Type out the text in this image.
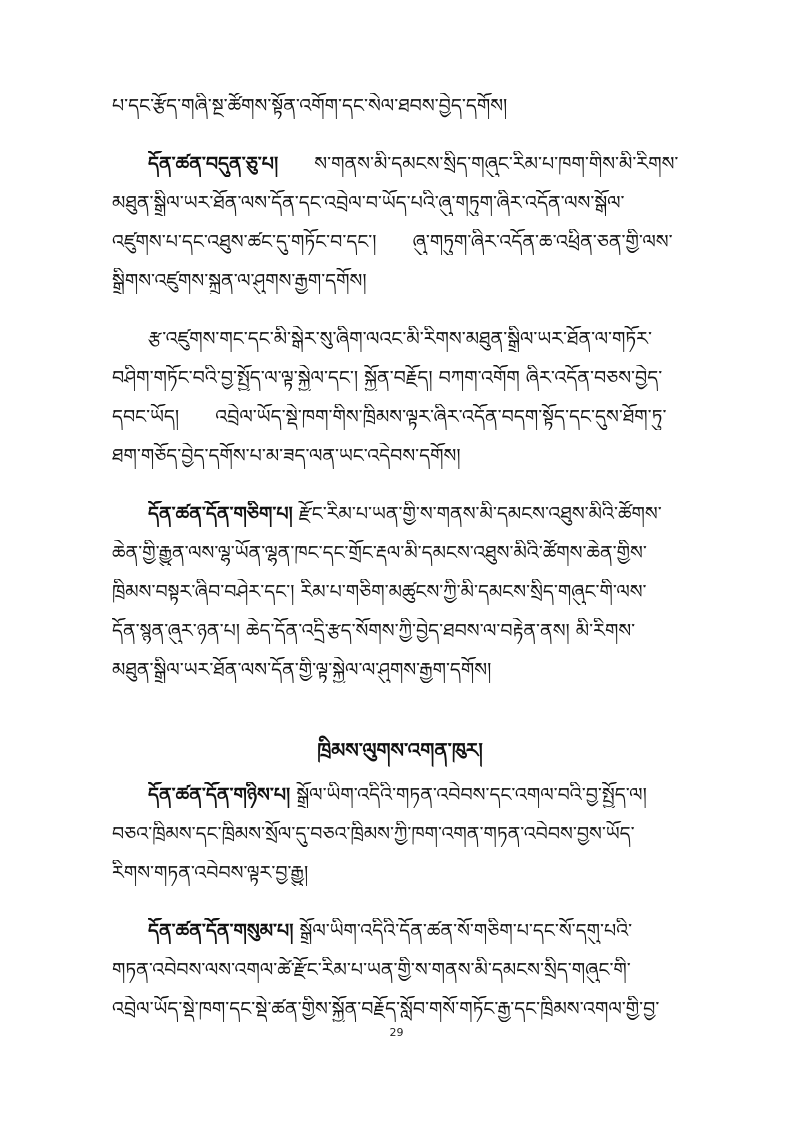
པ་དང་རྩོད་གཞི་སྔ་ཚོགས་སྟོན་འགོག་དང་སེལ་ཐབས་བྱེད་དགོས།
དོན་ཚན་བདུན་ཅུ་པ། ས་གནས་མི་དམངས་སྲིད་གཞུང་རིམ་པ་ཁག་གིས་མི་རིགས་
མཐུན་སྒྲིལ་ཡར་ཐོན་ལས་དོན་དང་འབྲེལ་བ་ཡོད་པའི་ཞུ་གཏུག་ཞིར་འདོན་ལས་སྒོལ་
འཛུགས་པ་དང་འཐུས་ཚང་དུ་གཏོང་བ་དང་། ཞུ་གཏུག་ཞིར་འདོན་ཆ་འཕྲིན་ཅན་གྱི་ལས་
སྒྲིགས་འཛུགས་སྐྲུན་ལ་ཤུགས་རྒྱག་དགོས།
རྩ་འཛུགས་གང་དང་མི་སྒེར་སུ་ཞིག་ལའང་མི་རིགས་མཐུན་སྒྲིལ་ཡར་ཐོན་ལ་གཏོར་
བཤིག་གཏོང་བའི་བྱ་སྤྱོད་ལ་ལྟ་སྐྱེལ་དང་། སྐྱོན་བརྗོད། བཀག་འགོག ཞིར་འདོན་བཅས་བྱེད་
དབང་ཡོད། འབྲེལ་ཡོད་སྡེ་ཁག་གིས་ཁྲིམས་ལྟར་ཞིར་འདོན་བདག་སྟོད་དང་དུས་ཐོག་ཏུ་
ཐག་གཅོད་བྱེད་དགོས་པ་མ་ཟད་ལན་ཡང་འདེབས་དགོས།
དོན་ཚན་དོན་གཅིག་པ། རྫོང་རིམ་པ་ཡན་གྱི་ས་གནས་མི་དམངས་འཐུས་མིའི་ཚོགས་
ཆེན་གྱི་རྒྱུན་ལས་ལྷ་ཡོན་ལྷན་ཁང་དང་གྲོང་རྡལ་མི་དམངས་འཐུས་མིའི་ཚོགས་ཆེན་གྱིས་
ཁྲིམས་བསྟར་ཞིབ་བཤེར་དང་། རིམ་པ་གཅིག་མཚུངས་ཀྱི་མི་དམངས་སྲིད་གཞུང་གི་ལས་
དོན་སྙན་ཞུར་ཉན་པ། ཆེད་དོན་འདྲི་རྩད་སོགས་ཀྱི་བྱེད་ཐབས་ལ་བརྟེན་ནས། མི་རིགས་
མཐུན་སྒྲིལ་ཡར་ཐོན་ལས་དོན་གྱི་ལྟ་སྐྱེལ་ལ་ཤུགས་རྒྱག་དགོས།
ཁྲིམས་ལུགས་འགན་ཁུར།
དོན་ཚན་དོན་གཉིས་པ། སྒྲོལ་ཡིག་འདིའི་གཏན་འབེབས་དང་འགལ་བའི་བྱ་སྤྱོད་ལ།
བཅའ་ཁྲིམས་དང་ཁྲིམས་སྲོལ་དུ་བཅའ་ཁྲིམས་ཀྱི་ཁག་འགན་གཏན་འབེབས་བྱས་ཡོད་
རིགས་གཏན་འབེབས་ལྟར་བྱ་རྒྱུ།
དོན་ཚན་དོན་གསུམ་པ། སྒྲོལ་ཡིག་འདིའི་དོན་ཚན་སོ་གཅིག་པ་དང་སོ་དགུ་པའི་
གཏན་འབེབས་ལས་འགལ་ཚེ་རྫོང་རིམ་པ་ཡན་གྱི་ས་གནས་མི་དམངས་སྲིད་གཞུང་གི་
འབྲེལ་ཡོད་སྡེ་ཁག་དང་སྡེ་ཚན་གྱིས་སྐྱོན་བརྗོད་སློབ་གསོ་གཏོང་རྒྱ་དང་ཁྲིམས་འགལ་གྱི་བྱ་
29
